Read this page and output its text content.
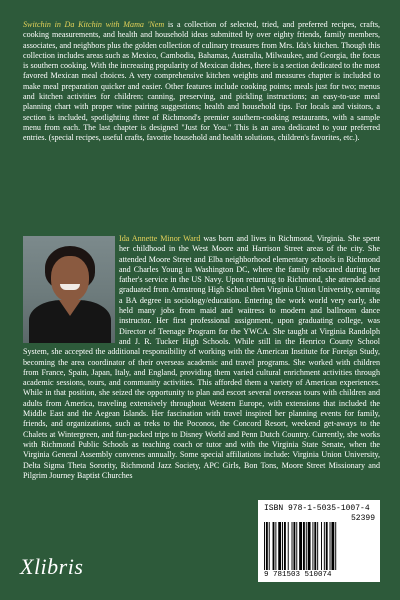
Switchin in Da Kitchin with Mama 'Nem is a collection of selected, tried, and preferred recipes, crafts, cooking measurements, and health and household ideas submitted by over eighty friends, family members, associates, and neighbors plus the golden collection of culinary treasures from Mrs. Ida's kitchen. Though this collection includes areas such as Mexico, Cambodia, Bahamas, Australia, Milwaukee, and Georgia, the focus is southern cooking. With the increasing popularity of Mexican dishes, there is a section dedicated to the most favored Mexican meal choices. A very comprehensive kitchen weights and measures chapter is included to make meal preparation quicker and easier. Other features include cooking points; meals just for two; menus and kitchen activities for children; canning, preserving, and pickling instructions; an easy-to-use meal planning chart with proper wine pairing suggestions; health and household tips. For locals and visitors, a section is included, spotlighting three of Richmond's premier southern-cooking restaurants, with a sample menu from each. The last chapter is designed "Just for You." This is an area dedicated to your preferred entries. (special recipes, useful crafts, favorite household and health solutions, children's favorites, etc.).

Ida Annette Minor Ward was born and lives in Richmond, Virginia. She spent her childhood in the West Moore and Harrison Street areas of the city. She attended Moore Street and Elba neighborhood elementary schools in Richmond and Charles Young in Washington DC, where the family relocated during her father's service in the US Navy. Upon returning to Richmond, she attended and graduated from Armstrong High School then Virginia Union University, earning a BA degree in sociology/education. Entering the work world very early, she held many jobs from maid and waitress to modern and ballroom dance instructor. Her first professional assignment, upon graduating college, was Director of Teenage Program for the YWCA. She taught at Virginia Randolph and J. R. Tucker High Schools. While still in the Henrico County School System, she accepted the additional responsibility of working with the American Institute for Foreign Study, becoming the area coordinator of their overseas academic and travel programs. She worked with children from France, Spain, Japan, Italy, and England, providing them varied cultural enrichment activities through academic sessions, tours, and community activities. This afforded them a variety of American experiences. While in that position, she seized the opportunity to plan and escort several overseas tours with children and adults from America, traveling extensively throughout Western Europe, with extensions that included the Middle East and the Aegean Islands. Her fascination with travel inspired her planning events for family, friends, and organizations, such as treks to the Poconos, the Concord Resort, weekend get-aways to the Chalets at Wintergreen, and fun-packed trips to Disney World and Penn Dutch Country. Currently, she works with Richmond Public Schools as teaching coach or tutor and with the Virginia State Senate, when the Virginia General Assembly convenes annually. Some special affiliations include: Virginia Union University, Delta Sigma Theta Sorority, Richmond Jazz Society, APC Girls, Bon Tons, Moore Street Missionary and Pilgrim Journey Baptist Churches

Xlibris
ISBN 978-1-5035-1007-4
52399
9 781503 510074
